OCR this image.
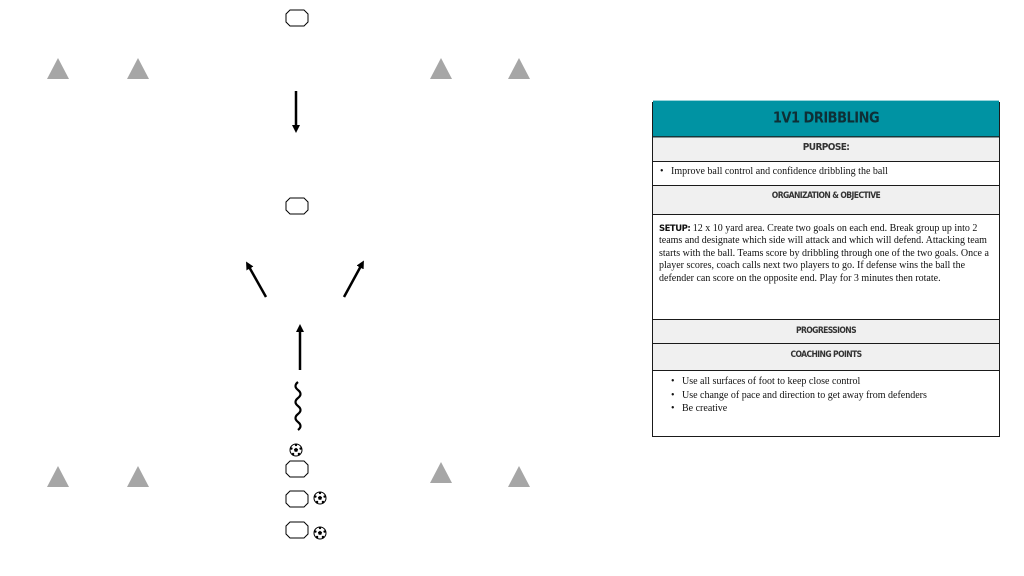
1V1 DRIBBLING
PURPOSE:
• Improve ball control and confidence dribbling the ball
ORGANIZATION & OBJECTIVE
SETUP: 12 x 10 yard area. Create two goals on each end. Break group up into 2 teams and designate which side will attack and which will defend. Attacking team starts with the ball. Teams score by dribbling through one of the two goals. Once a player scores, coach calls next two players to go. If defense wins the ball the defender can score on the opposite end. Play for 3 minutes then rotate.
PROGRESSIONS
COACHING POINTS
• Use all surfaces of foot to keep close control
• Use change of pace and direction to get away from defenders
• Be creative
